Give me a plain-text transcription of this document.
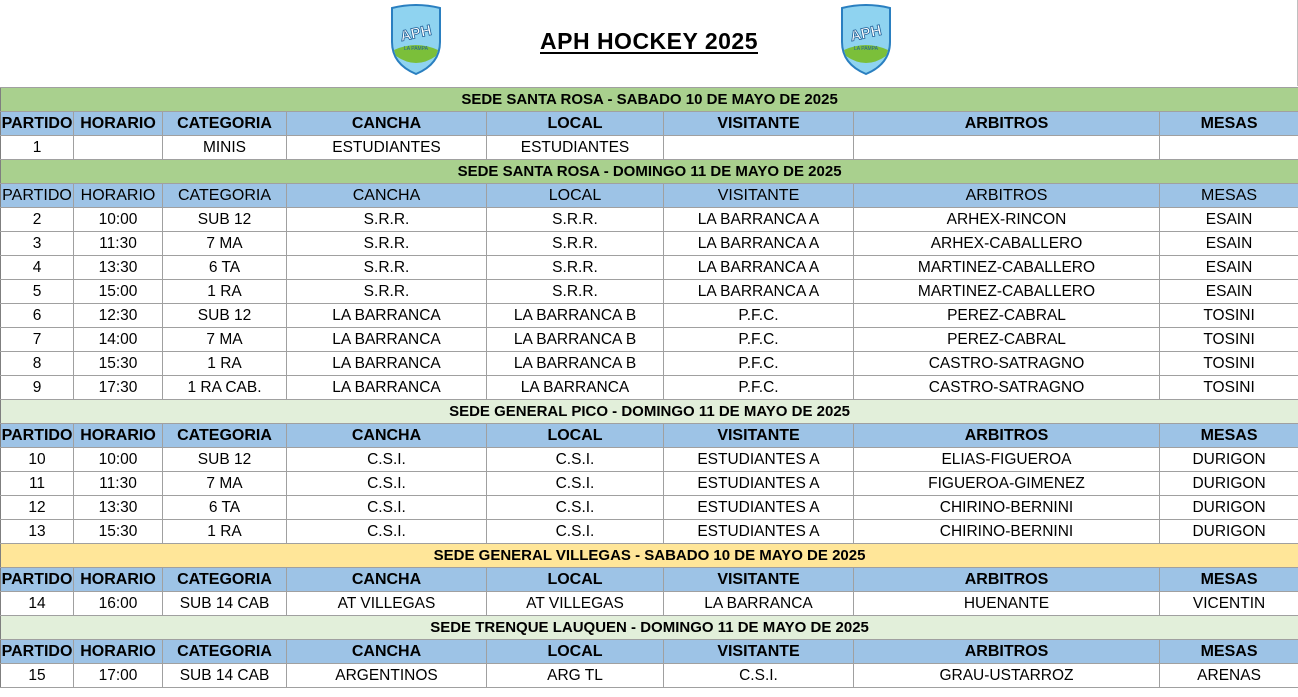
APH
LA PAMPA	APH HOCKEY 2025	APH
LA PAMPA
SEDE SANTA ROSA - SABADO 10 DE MAYO DE 2025							
PARTIDO	HORARIO	CATEGORIA	CANCHA	LOCAL	VISITANTE	ARBITROS	MESAS
1		MINIS	ESTUDIANTES	ESTUDIANTES			
SEDE SANTA ROSA - DOMINGO 11 DE MAYO DE 2025							
PARTIDO	HORARIO	CATEGORIA	CANCHA	LOCAL	VISITANTE	ARBITROS	MESAS
2	10:00	SUB 12	S.R.R.	S.R.R.	LA BARRANCA A	ARHEX-RINCON	ESAIN
3	11:30	7 MA	S.R.R.	S.R.R.	LA BARRANCA A	ARHEX-CABALLERO	ESAIN
4	13:30	6 TA	S.R.R.	S.R.R.	LA BARRANCA A	MARTINEZ-CABALLERO	ESAIN
5	15:00	1 RA	S.R.R.	S.R.R.	LA BARRANCA A	MARTINEZ-CABALLERO	ESAIN
6	12:30	SUB 12	LA BARRANCA	LA BARRANCA B	P.F.C.	PEREZ-CABRAL	TOSINI
7	14:00	7 MA	LA BARRANCA	LA BARRANCA B	P.F.C.	PEREZ-CABRAL	TOSINI
8	15:30	1 RA	LA BARRANCA	LA BARRANCA B	P.F.C.	CASTRO-SATRAGNO	TOSINI
9	17:30	1 RA CAB.	LA BARRANCA	LA BARRANCA	P.F.C.	CASTRO-SATRAGNO	TOSINI
SEDE GENERAL PICO - DOMINGO 11 DE MAYO DE 2025							
PARTIDO	HORARIO	CATEGORIA	CANCHA	LOCAL	VISITANTE	ARBITROS	MESAS
10	10:00	SUB 12	C.S.I.	C.S.I.	ESTUDIANTES A	ELIAS-FIGUEROA	DURIGON
11	11:30	7 MA	C.S.I.	C.S.I.	ESTUDIANTES A	FIGUEROA-GIMENEZ	DURIGON
12	13:30	6 TA	C.S.I.	C.S.I.	ESTUDIANTES A	CHIRINO-BERNINI	DURIGON
13	15:30	1 RA	C.S.I.	C.S.I.	ESTUDIANTES A	CHIRINO-BERNINI	DURIGON
SEDE GENERAL VILLEGAS - SABADO 10 DE MAYO DE 2025							
PARTIDO	HORARIO	CATEGORIA	CANCHA	LOCAL	VISITANTE	ARBITROS	MESAS
14	16:00	SUB 14 CAB	AT VILLEGAS	AT VILLEGAS	LA BARRANCA	HUENANTE	VICENTIN
SEDE TRENQUE LAUQUEN - DOMINGO 11 DE MAYO DE 2025							
PARTIDO	HORARIO	CATEGORIA	CANCHA	LOCAL	VISITANTE	ARBITROS	MESAS
15	17:00	SUB 14 CAB	ARGENTINOS	ARG TL	C.S.I.	GRAU-USTARROZ	ARENAS
